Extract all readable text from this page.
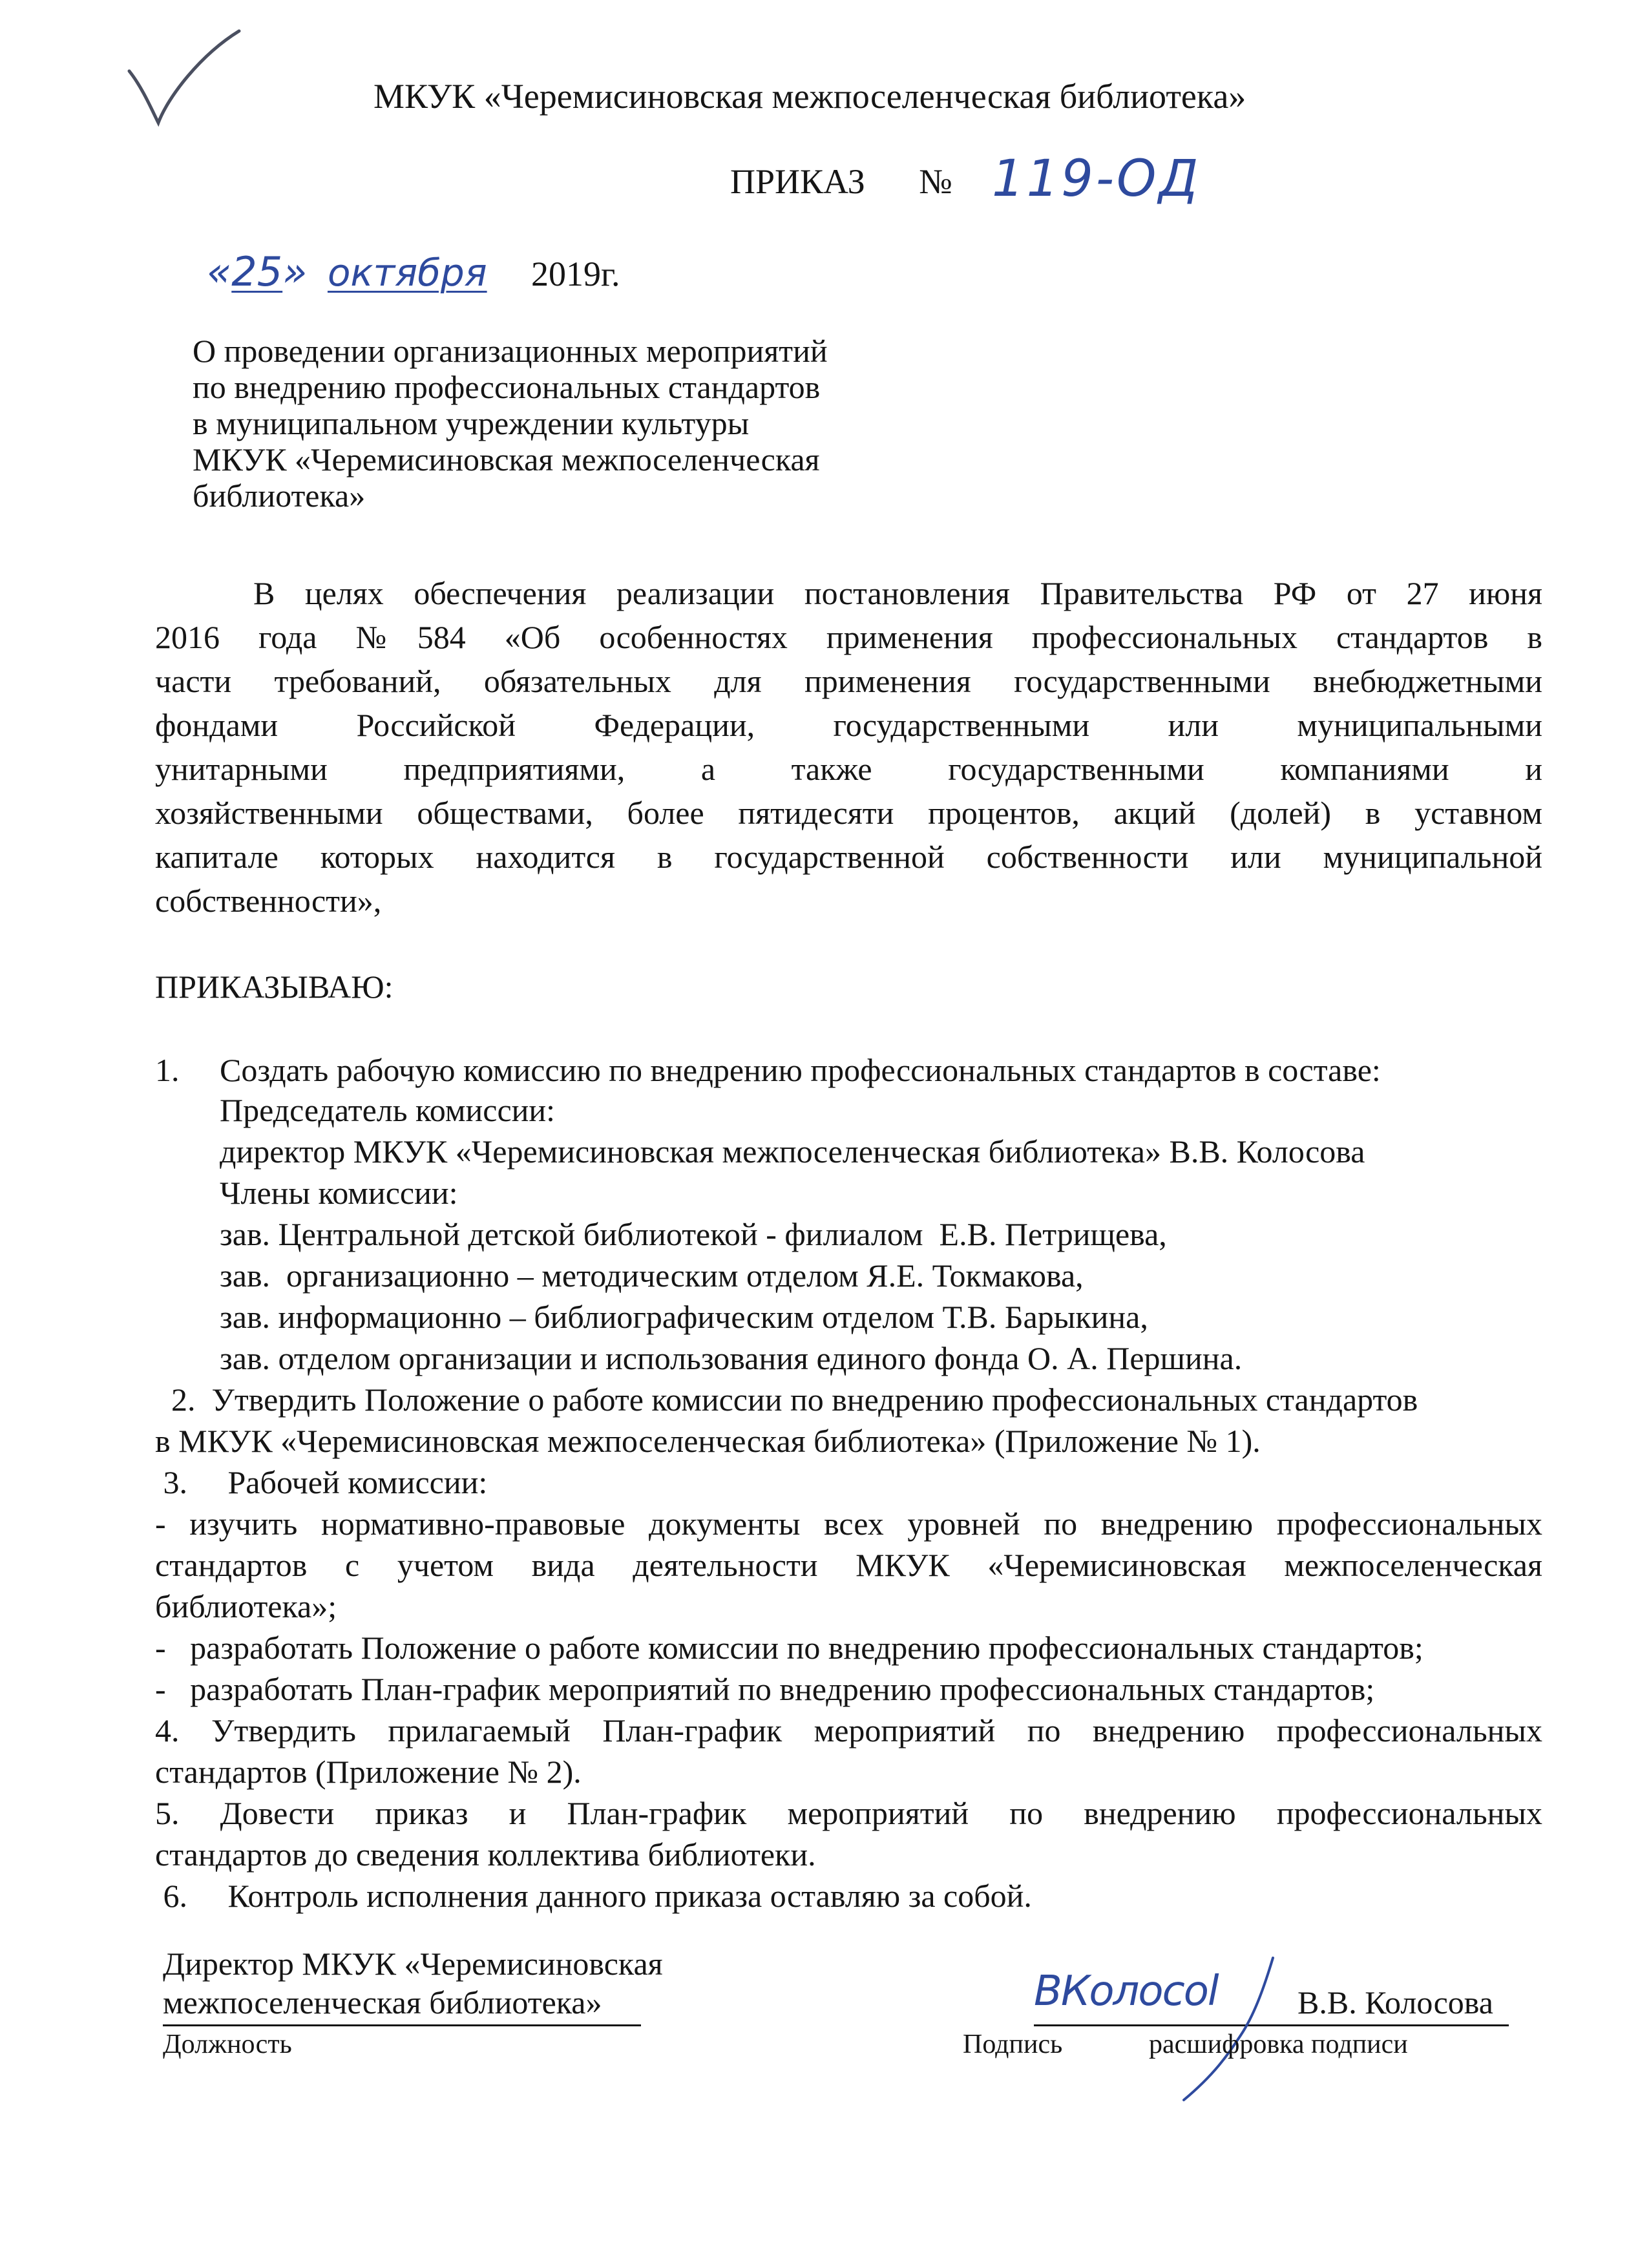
МКУК «Черемисиновская межпоселенческая библиотека»
ПРИКАЗ № 119-ОД
«25» октября 2019г.
О проведении организационных мероприятий
по внедрению профессиональных стандартов
в муниципальном учреждении культуры
МКУК «Черемисиновская межпоселенческая
библиотека»
В целях обеспечения реализации постановления Правительства РФ от 27 июня
2016 года №584 «Об особенностях применения профессиональных стандартов в
части требований, обязательных для применения государственными внебюджетными
фондами Российской Федерации, государственными или муниципальными
унитарными предприятиями, а также государственными компаниями и
хозяйственными обществами, более пятидесяти процентов, акций (долей) в уставном
капитале которых находится в государственной собственности или муниципальной
собственности»,
ПРИКАЗЫВАЮ:
1.     Создать рабочую комиссию по внедрению профессиональных стандартов в составе:
Председатель комиссии:
директор МКУК «Черемисиновская межпоселенческая библиотека» В.В. Колосова
Члены комиссии:
зав. Центральной детской библиотекой - филиалом  Е.В. Петрищева,
зав.  организационно – методическим отделом Я.Е. Токмакова,
зав. информационно – библиографическим отделом Т.В. Барыкина,
зав. отделом организации и использования единого фонда О. А. Першина.
2.  Утвердить Положение о работе комиссии по внедрению профессиональных стандартов
в МКУК «Черемисиновская межпоселенческая библиотека» (Приложение № 1).
3.     Рабочей комиссии:
- изучить нормативно-правовые документы всех уровней по внедрению профессиональных
стандартов с учетом вида деятельности МКУК «Черемисиновская межпоселенческая
библиотека»;
-   разработать Положение о работе комиссии по внедрению профессиональных стандартов;
-   разработать План-график мероприятий по внедрению профессиональных стандартов;
4. Утвердить прилагаемый План-график мероприятий по внедрению профессиональных
стандартов (Приложение № 2).
5. Довести приказ и План-график мероприятий по внедрению профессиональных
стандартов до сведения коллектива библиотеки.
6.     Контроль исполнения данного приказа оставляю за собой.
Директор МКУК «Черемисиновская
межпоселенческая библиотека»	ВКолосоl В.В. Колосова
Должность	Подпись	расшифровка подписи
